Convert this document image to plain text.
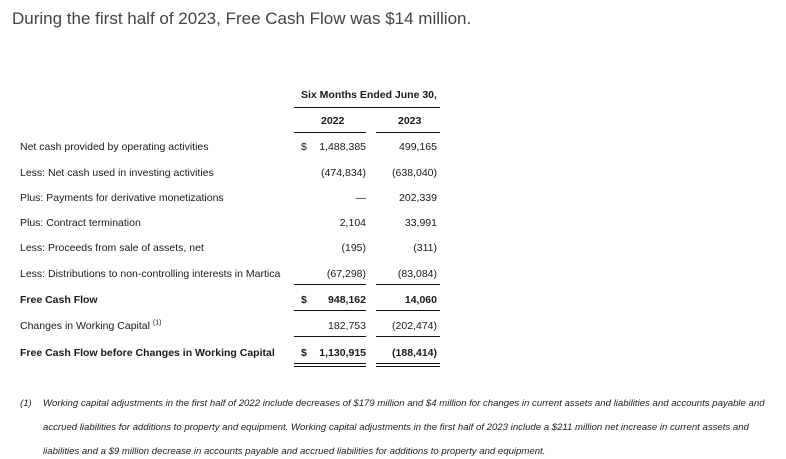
During the first half of 2023, Free Cash Flow was $14 million.
Six Months Ended June 30,
2022	2023
Net cash provided by operating activities	$ 1,488,385	499,165
Less: Net cash used in investing activities	(474,834) (638,040)
Plus: Payments for derivative monetizations	—	202,339
Plus: Contract termination	2,104	33,991
Less: Proceeds from sale of assets, net	(195)	(311)
Less: Distributions to non-controlling interests in Martica	(67,298)	(83,084)
Free Cash Flow	$ 948,162	14,060
Changes in Working Capital $^{(1)}$	182,753 (202,474)
Free Cash Flow before Changes in Working Capital $ 1,130,915 (188,414)
(1) Working capital adjustments in the first half of 2022 include decreases of $179 million and $4 million for changes in current assets and liabilities and accounts payable and accrued liabilities for additions to property and equipment. Working capital adjustments in the first half of 2023 include a $211 million net increase in current assets and liabilities and a $9 million decrease in accounts payable and accrued liabilities for additions to property and equipment.
